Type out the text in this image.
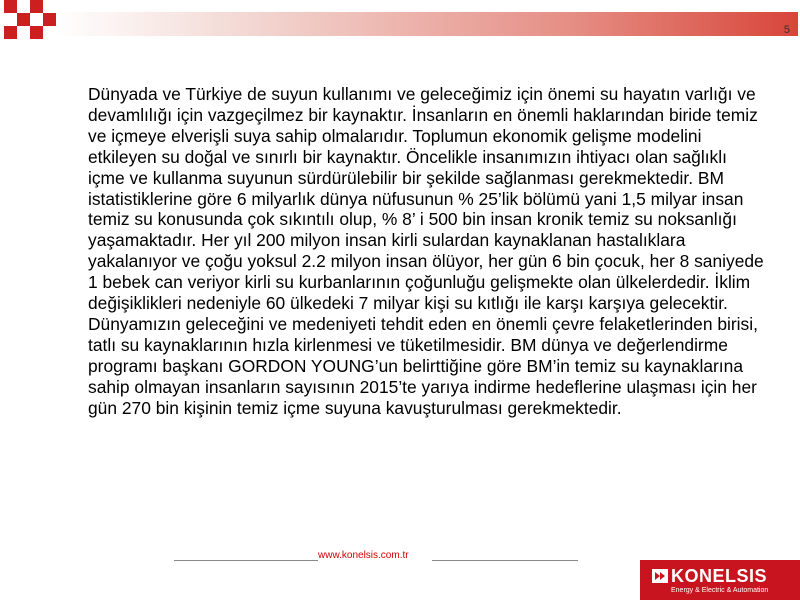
5

Dünyada ve Türkiye de suyun kullanımı ve geleceğimiz için önemi su hayatın varlığı ve devamlılığı için vazgeçilmez bir kaynaktır. İnsanların en önemli haklarından biride temiz ve içmeye elverişli suya sahip olmalarıdır. Toplumun ekonomik gelişme modelini etkileyen su doğal ve sınırlı bir kaynaktır. Öncelikle insanımızın ihtiyacı olan sağlıklı içme ve kullanma suyunun sürdürülebilir bir şekilde sağlanması gerekmektedir. BM istatistiklerine göre 6 milyarlık dünya nüfusunun % 25’lik bölümü yani 1,5 milyar insan temiz su konusunda çok sıkıntılı olup, % 8’ i 500 bin insan kronik temiz su noksanlığı yaşamaktadır. Her yıl 200 milyon insan kirli sulardan kaynaklanan hastalıklara yakalanıyor ve çoğu yoksul 2.2 milyon insan ölüyor, her gün 6 bin çocuk, her 8 saniyede 1 bebek can veriyor kirli su kurbanlarının çoğunluğu gelişmekte olan ülkelerdedir. İklim değişiklikleri nedeniyle 60 ülkedeki 7 milyar kişi su kıtlığı ile karşı karşıya gelecektir. Dünyamızın geleceğini ve medeniyeti tehdit eden en önemli çevre felaketlerinden birisi, tatlı su kaynaklarının hızla kirlenmesi ve tüketilmesidir. BM dünya ve değerlendirme programı başkanı GORDON YOUNG’un belirttiğine göre BM’in temiz su kaynaklarına sahip olmayan insanların sayısının 2015’te yarıya indirme hedeflerine ulaşması için her gün 270 bin kişinin temiz içme suyuna kavuşturulması gerekmektedir.

www.konelsis.com.tr
KONELSIS
Energy & Electric & Automation
